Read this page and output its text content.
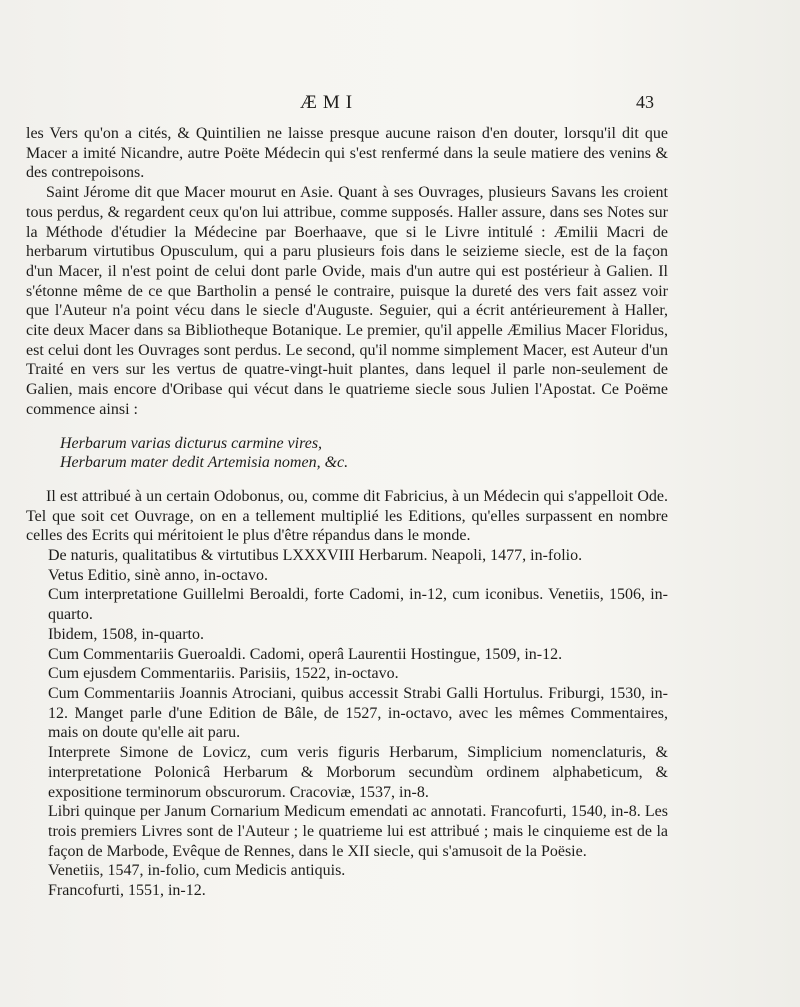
ÆMI	43

les Vers qu'on a cités, & Quintilien ne laisse presque aucune raison d'en douter, lorsqu'il dit que Macer a imité Nicandre, autre Poëte Médecin qui s'est renfermé dans la seule matiere des venins & des contrepoisons.

Saint Jérome dit que Macer mourut en Asie. Quant à ses Ouvrages, plusieurs Savans les croient tous perdus, & regardent ceux qu'on lui attribue, comme supposés. Haller assure, dans ses Notes sur la Méthode d'étudier la Médecine par Boerhaave, que si le Livre intitulé : Æmilii Macri de herbarum virtutibus Opusculum, qui a paru plusieurs fois dans le seizieme siecle, est de la façon d'un Macer, il n'est point de celui dont parle Ovide, mais d'un autre qui est postérieur à Galien. Il s'étonne même de ce que Bartholin a pensé le contraire, puisque la dureté des vers fait assez voir que l'Auteur n'a point vécu dans le siecle d'Auguste. Seguier, qui a écrit antérieurement à Haller, cite deux Macer dans sa Bibliotheque Botanique. Le premier, qu'il appelle Æmilius Macer Floridus, est celui dont les Ouvrages sont perdus. Le second, qu'il nomme simplement Macer, est Auteur d'un Traité en vers sur les vertus de quatre-vingt-huit plantes, dans lequel il parle non-seulement de Galien, mais encore d'Oribase qui vécut dans le quatrieme siecle sous Julien l'Apostat. Ce Poëme commence ainsi :

Herbarum varias dicturus carmine vires,

Herbarum mater dedit Artemisia nomen, &c.

Il est attribué à un certain Odobonus, ou, comme dit Fabricius, à un Médecin qui s'appelloit Ode. Tel que soit cet Ouvrage, on en a tellement multiplié les Editions, qu'elles surpassent en nombre celles des Ecrits qui méritoient le plus d'être répandus dans le monde.

De naturis, qualitatibus & virtutibus LXXXVIII Herbarum. Neapoli, 1477, in-folio.

Vetus Editio, sinè anno, in-octavo.

Cum interpretatione Guillelmi Beroaldi, forte Cadomi, in-12, cum iconibus. Venetiis, 1506, in-quarto.

Ibidem, 1508, in-quarto.

Cum Commentariis Gueroaldi. Cadomi, operâ Laurentii Hostingue, 1509, in-12.

Cum ejusdem Commentariis. Parisiis, 1522, in-octavo.

Cum Commentariis Joannis Atrociani, quibus accessit Strabi Galli Hortulus. Friburgi, 1530, in-12. Manget parle d'une Edition de Bâle, de 1527, in-octavo, avec les mêmes Commentaires, mais on doute qu'elle ait paru.

Interprete Simone de Lovicz, cum veris figuris Herbarum, Simplicium nomenclaturis, & interpretatione Polonicâ Herbarum & Morborum secundùm ordinem alphabeticum, & expositione terminorum obscurorum. Cracoviæ, 1537, in-8.

Libri quinque per Janum Cornarium Medicum emendati ac annotati. Francofurti, 1540, in-8. Les trois premiers Livres sont de l'Auteur ; le quatrieme lui est attribué ; mais le cinquieme est de la façon de Marbode, Evêque de Rennes, dans le XII siecle, qui s'amusoit de la Poësie.

Venetiis, 1547, in-folio, cum Medicis antiquis.

Francofurti, 1551, in-12.
